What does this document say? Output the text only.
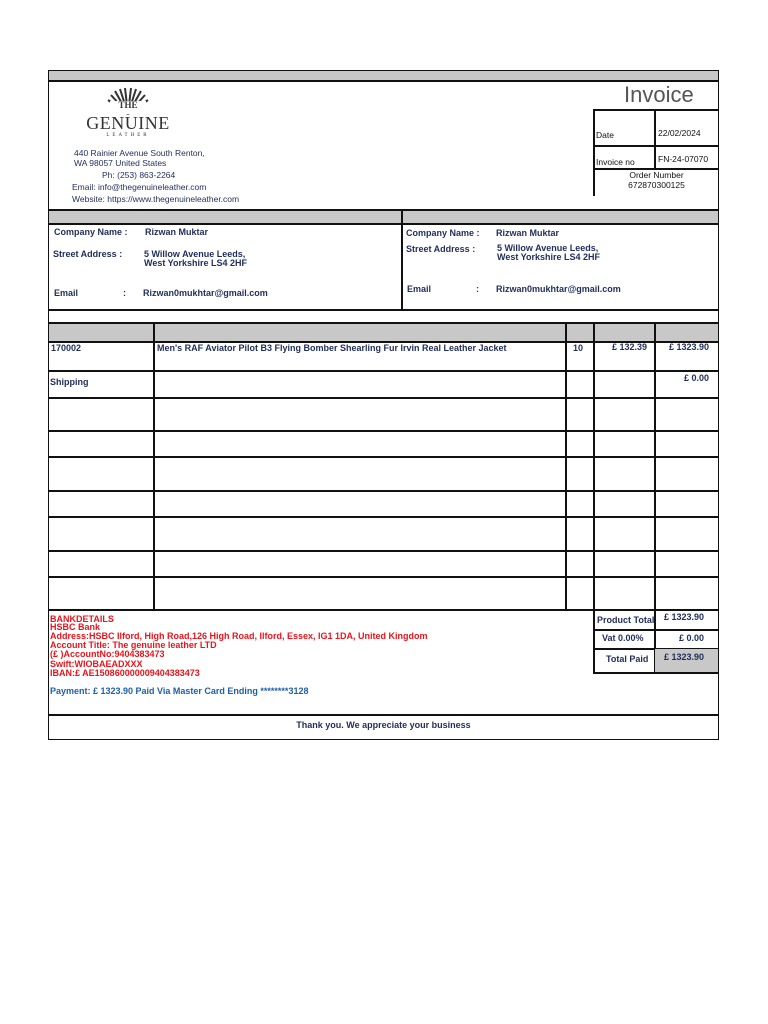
THE
GENUINE
LEATHER
440 Rainier Avenue South Renton,
WA 98057 United States
Ph: (253) 863-2264
Email: info@thegenuineleather.com
Website: https://www.thegenuineleather.com
Invoice
Date	22/02/2024
Invoice no	FN-24-07070
Order Number
672870300125
Company Name : Rizwan Muktar
Street Address : 5 Willow Avenue Leeds,
West Yorkshire LS4 2HF
Email	: Rizwan0mukhtar@gmail.com
Company Name : Rizwan Muktar
Street Address : 5 Willow Avenue Leeds,
West Yorkshire LS4 2HF
Email	: Rizwan0mukhtar@gmail.com
170002	Men's RAF Aviator Pilot B3 Flying Bomber Shearling Fur Irvin Real Leather Jacket	10	£ 132.39	£ 1323.90
Shipping	£ 0.00
Product Total	£ 1323.90
Vat 0.00%	£ 0.00
Total Paid	£ 1323.90
BANKDETAILS
HSBC Bank
Address:HSBC Ilford, High Road,126 High Road, Ilford, Essex, IG1 1DA, United Kingdom
Account Title: The genuine leather LTD
(£ )AccountNo:9404383473
Swift:WIOBAEADXXX
IBAN:£ AE150860000009404383473
Payment: £ 1323.90 Paid Via Master Card Ending ********3128
Thank you. We appreciate your business
